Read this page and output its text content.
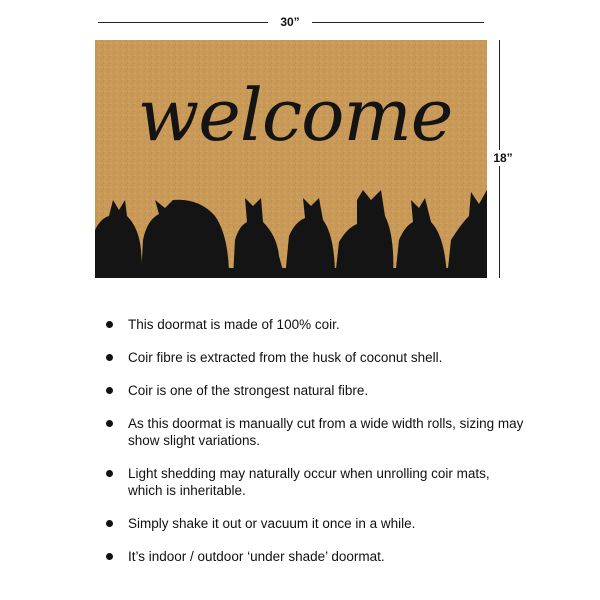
30”
18”
welcome
This doormat is made of 100% coir.
Coir fibre is extracted from the husk of coconut shell.
Coir is one of the strongest natural fibre.
As this doormat is manually cut from a wide width rolls, sizing may show slight variations.
Light shedding may naturally occur when unrolling coir mats, which is inheritable.
Simply shake it out or vacuum it once in a while.
It’s indoor / outdoor ‘under shade’ doormat.
